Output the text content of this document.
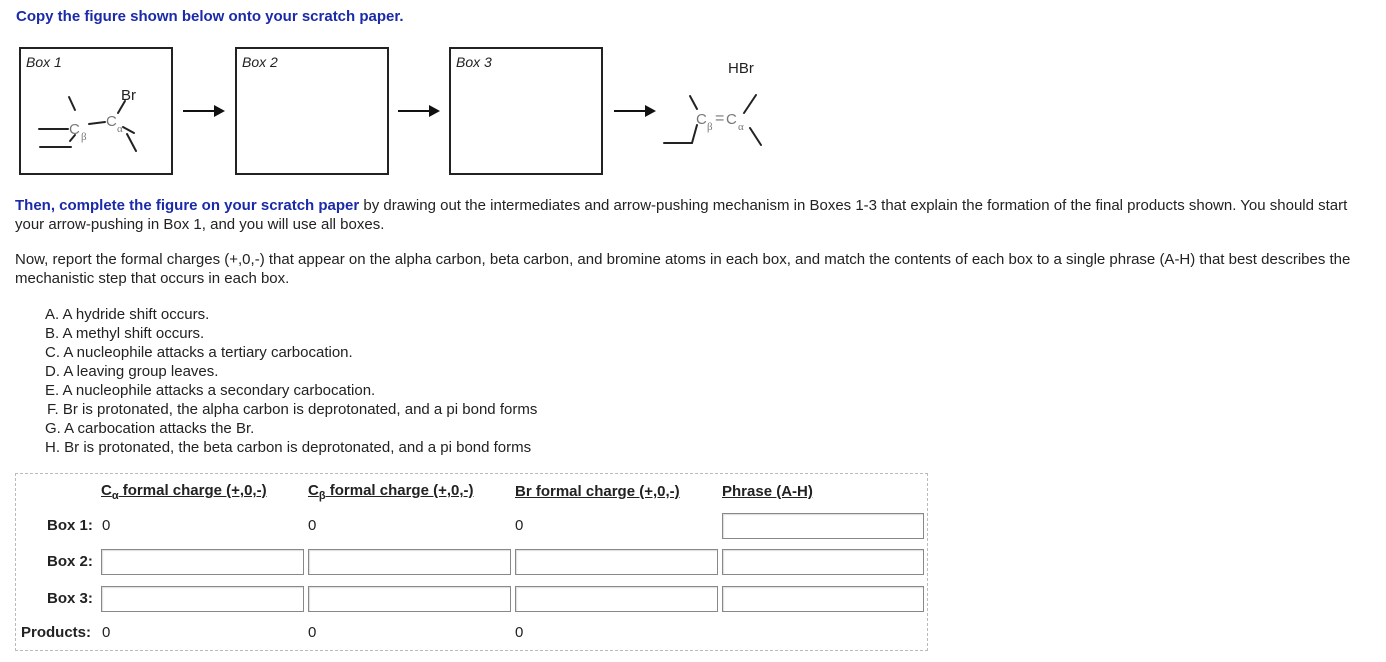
Copy the figure shown below onto your scratch paper.
Box 1
Br
C β
C α
Box 2	Box 3	HBr
C β = C α
Then, complete the figure on your scratch paper by drawing out the intermediates and arrow-pushing mechanism in Boxes 1-3 that explain the formation of the final products shown. You should start your arrow-pushing in Box 1, and you will use all boxes.
Now, report the formal charges (+,0,-) that appear on the alpha carbon, beta carbon, and bromine atoms in each box, and match the contents of each box to a single phrase (A-H) that best describes the mechanistic step that occurs in each box.
A. A hydride shift occurs.
B. A methyl shift occurs.
C. A nucleophile attacks a tertiary carbocation.
D. A leaving group leaves.
E. A nucleophile attacks a secondary carbocation.
F. Br is protonated, the alpha carbon is deprotonated, and a pi bond forms
G. A carbocation attacks the Br.
H. Br is protonated, the beta carbon is deprotonated, and a pi bond forms
$C_\alpha$ formal charge (+,0,-)	$C_\beta$ formal charge (+,0,-)	Br formal charge (+,0,-)	Phrase (A-H)
Box 1: 0	0	0
Box 2:
Box 3:
Products: 0	0	0
